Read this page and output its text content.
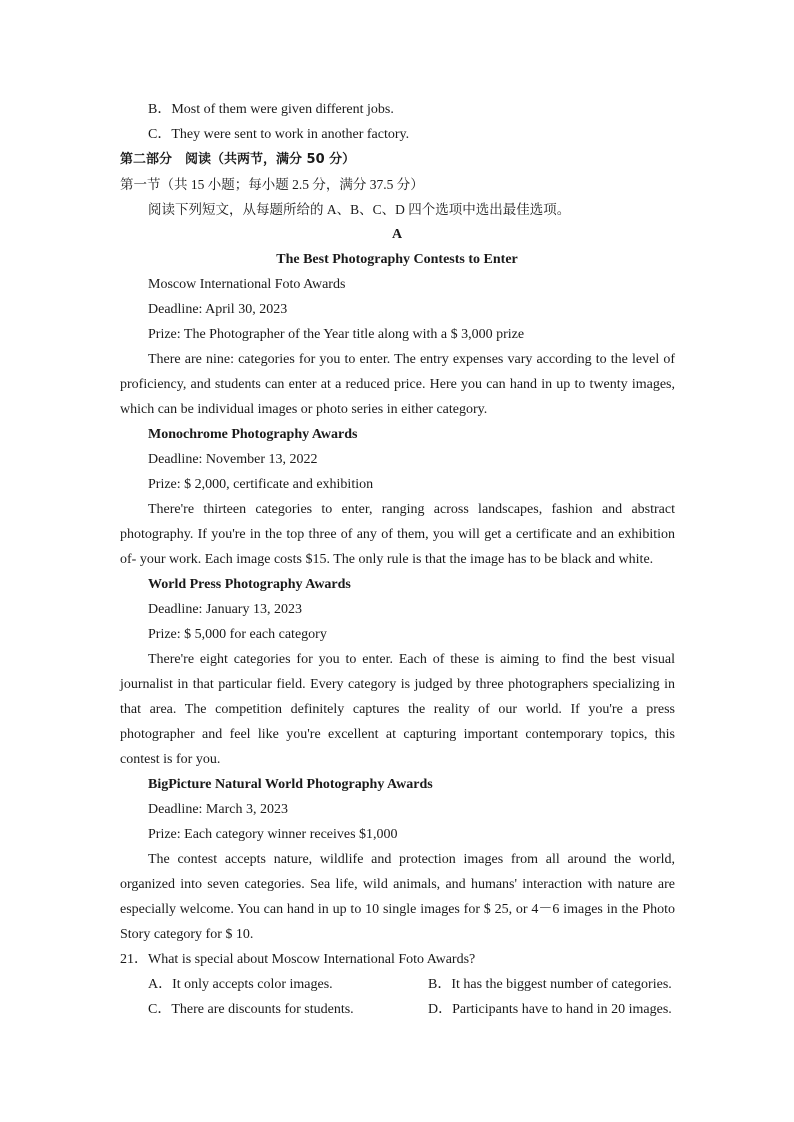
B．Most of them were given different jobs.
C．They were sent to work in another factory.
第二部分　阅读（共两节，满分 50 分）
第一节（共 15 小题；每小题 2.5 分，满分 37.5 分）
阅读下列短文，从每题所给的 A、B、C、D 四个选项中选出最佳选项。
A
The Best Photography Contests to Enter
Moscow International Foto Awards
Deadline: April 30, 2023
Prize: The Photographer of the Year title along with a $ 3,000 prize
There are nine: categories for you to enter. The entry expenses vary according to the level of
proficiency, and students can enter at a reduced price. Here you can hand in up to twenty images,
which can be individual images or photo series in either category.
Monochrome Photography Awards
Deadline: November 13, 2022
Prize: $ 2,000, certificate and exhibition
There're thirteen categories to enter, ranging across landscapes, fashion and abstract
photography. If you're in the top three of any of them, you will get a certificate and an exhibition
of- your work. Each image costs $15. The only rule is that the image has to be black and white.
World Press Photography Awards
Deadline: January 13, 2023
Prize: $ 5,000 for each category
There're eight categories for you to enter. Each of these is aiming to find the best visual
journalist in that particular field. Every category is judged by three photographers specializing in
that area. The competition definitely captures the reality of our world. If you're a press
photographer and feel like you're excellent at capturing important contemporary topics, this
contest is for you.
BigPicture Natural World Photography Awards
Deadline: March 3, 2023
Prize: Each category winner receives $1,000
The contest accepts nature, wildlife and protection images from all around the world,
organized into seven categories. Sea life, wild animals, and humans' interaction with nature are
especially welcome. You can hand in up to 10 single images for $ 25, or 4－6 images in the Photo
Story category for $ 10.
21．What is special about Moscow International Foto Awards?
A．It only accepts color images.	B．It has the biggest number of categories.
C．There are discounts for students.	D．Participants have to hand in 20 images.
